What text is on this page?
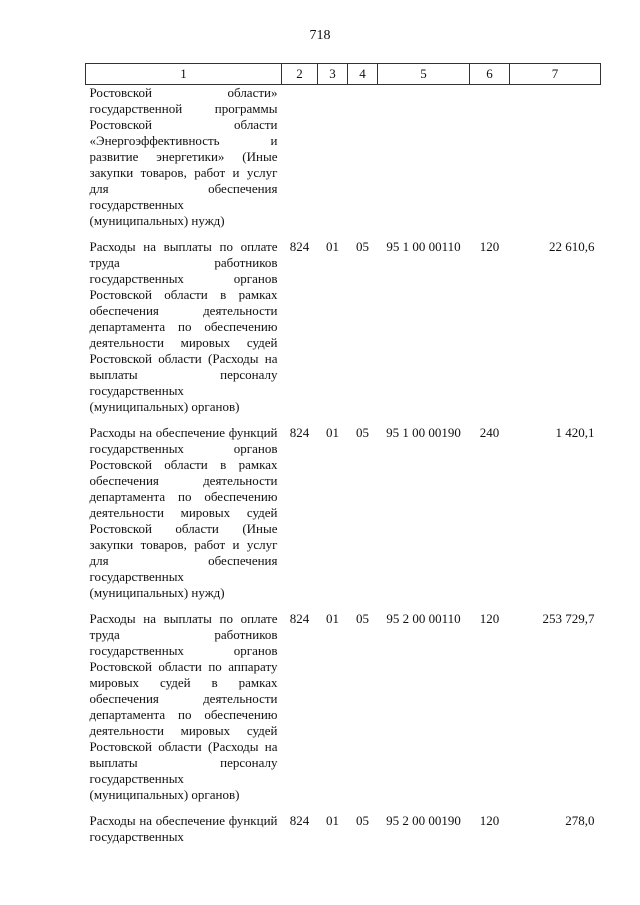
718
1	2	3	4	5	6	7
Ростовской области» государственной программы Ростовской области «Энергоэффективность и развитие энергетики» (Иные закупки товаров, работ и услуг для обеспечения государственных (муниципальных) нужд)						
Расходы на выплаты по оплате труда работников государственных органов Ростовской области в рамках обеспечения деятельности департамента по обеспечению деятельности мировых судей Ростовской области (Расходы на выплаты персоналу государственных (муниципальных) органов)	824	01	05	95 1 00 00110	120	22 610,6
Расходы на обеспечение функций государственных органов Ростовской области в рамках обеспечения деятельности департамента по обеспечению деятельности мировых судей Ростовской области (Иные закупки товаров, работ и услуг для обеспечения государственных (муниципальных) нужд)	824	01	05	95 1 00 00190	240	1 420,1
Расходы на выплаты по оплате труда работников государственных органов Ростовской области по аппарату мировых судей в рамках обеспечения деятельности департамента по обеспечению деятельности мировых судей Ростовской области (Расходы на выплаты персоналу государственных (муниципальных) органов)	824	01	05	95 2 00 00110	120	253 729,7
Расходы на обеспечение функций государственных	824	01	05	95 2 00 00190	120	278,0
